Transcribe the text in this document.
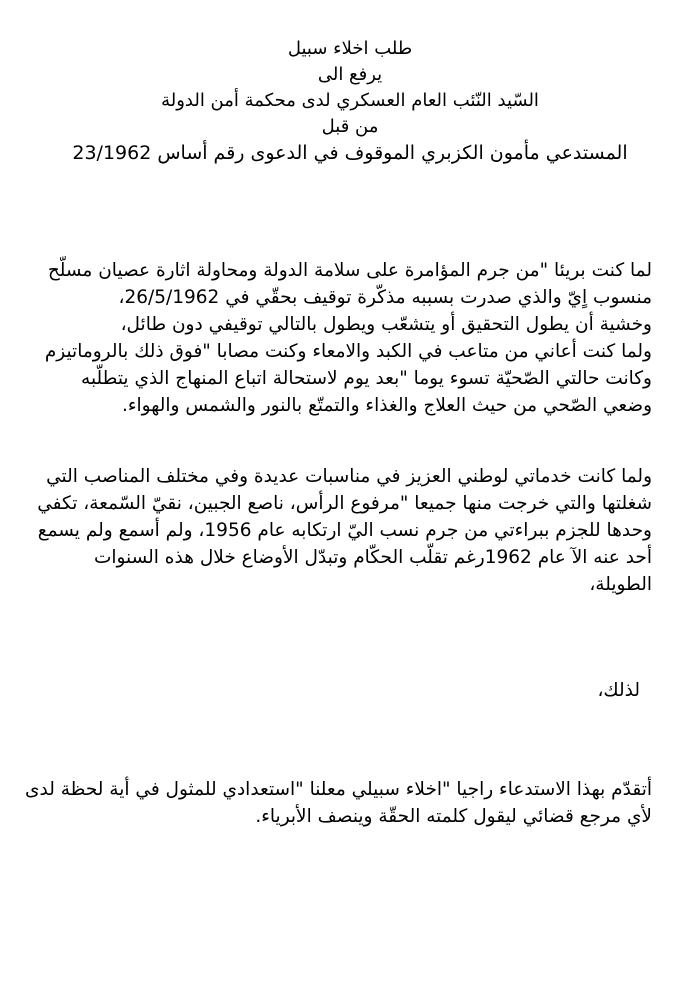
طلب اخلاء سبيل
يرفع الى
السّيد النّئب العام العسكري لدى محكمة أمن الدولة
من قبل
المستدعي مأمون الكزبري الموقوف في الدعوى رقم أساس 23/1962
لما كنت بريئا "من جرم المؤامرة على سلامة الدولة ومحاولة اثارة عصيان مسلّح
منسوب اٍيّ والذي صدرت بسببه مذكّرة توقيف بحقّي في 26/5/1962،
وخشية أن يطول التحقيق أو يتشعّب ويطول بالتالي توقيفي دون طائل،
ولما كنت أعاني من متاعب في الكبد والامعاء وكنت مصابا "فوق ذلك بالروماتيزم
وكانت حالتي الصّحيّة تسوء يوما "بعد يوم لاستحالة اتباع المنهاج الذي يتطلّبه
وضعي الصّحي من حيث العلاج والغذاء والتمتّع بالنور والشمس والهواء.
ولما كانت خدماتي لوطني العزيز في مناسبات عديدة وفي مختلف المناصب التي
شغلتها والتي خرجت منها جميعا "مرفوع الرأس، ناصع الجبين، نقيّ السّمعة، تكفي
وحدها للجزم ببراءتي من جرم نسب اليّ ارتكابه عام 1956، ولم أسمع ولم يسمع
أحد عنه الآ عام 1962رغم تقلّب الحكّام وتبدّل الأوضاع خلال هذه السنوات
الطويلة،
لذلك،
أتقدّم بهذا الاستدعاء راجيا "اخلاء سبيلي معلنا "استعدادي للمثول في أية لحظة لدى
لأي مرجع قضائي ليقول كلمته الحقّة وينصف الأبرياء.
